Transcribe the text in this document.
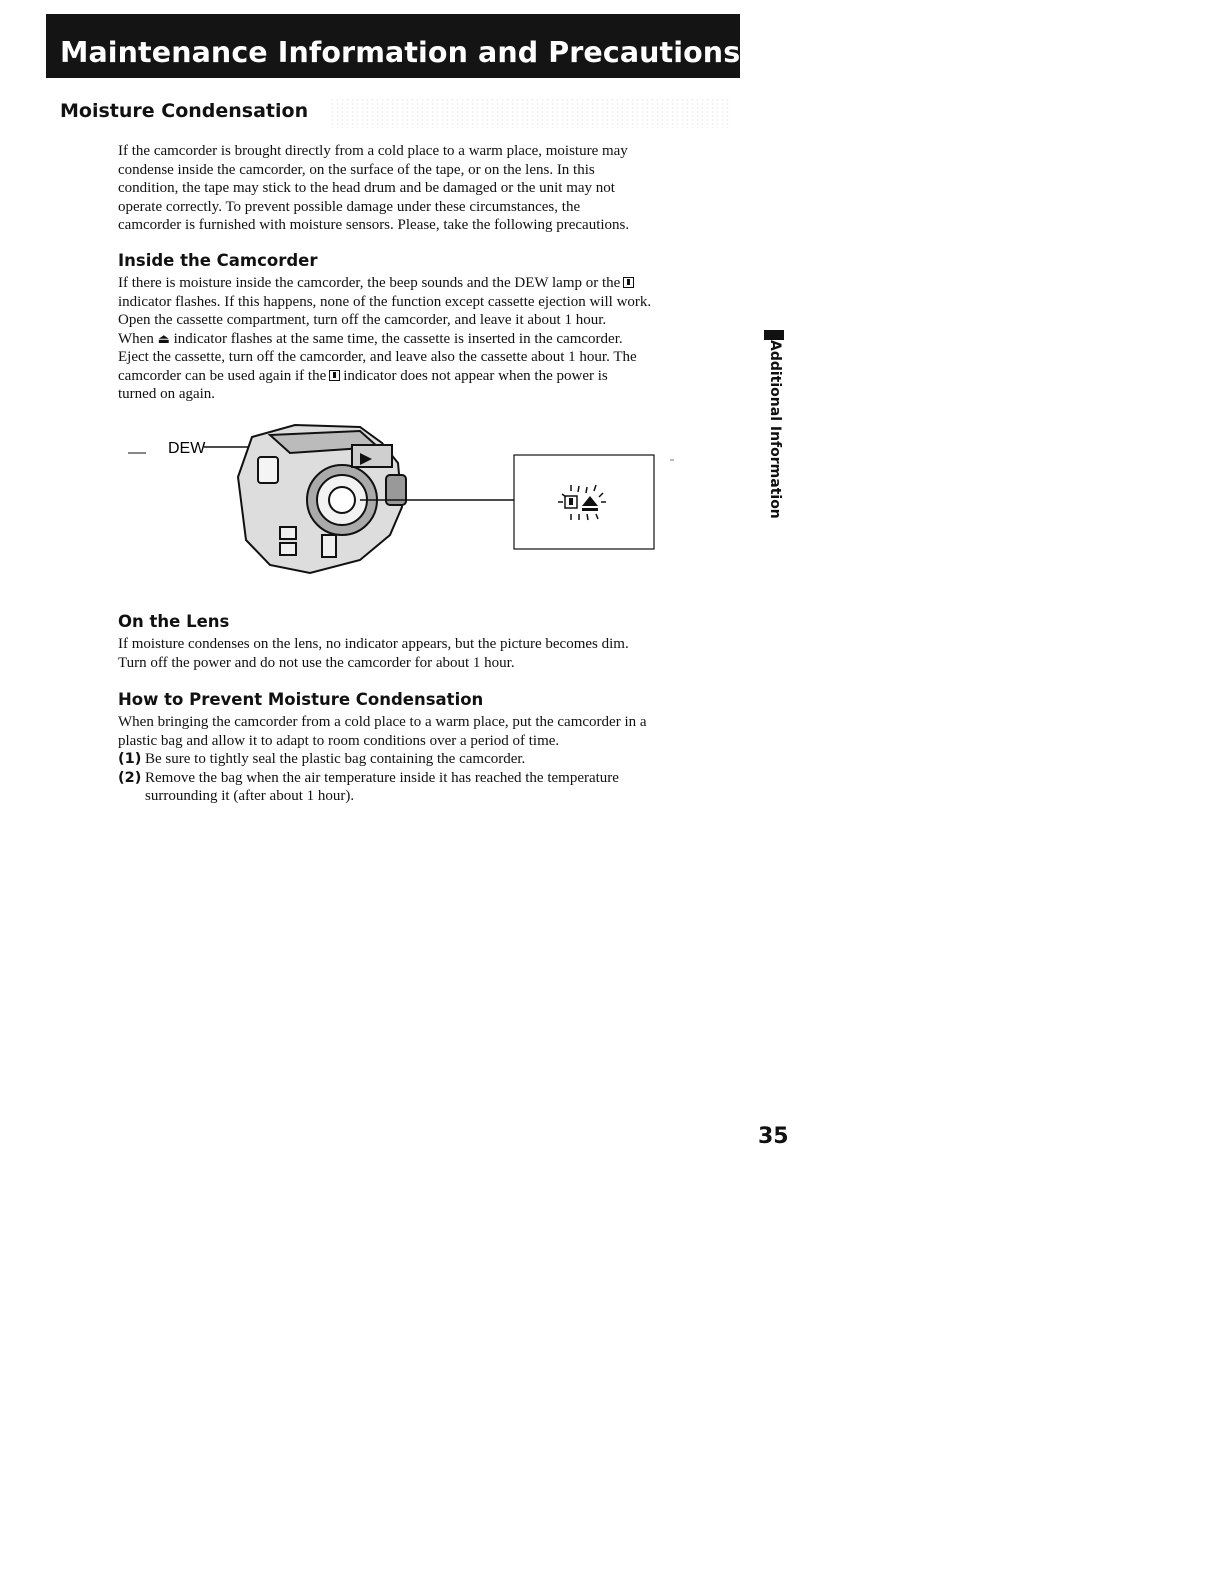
Maintenance Information and Precautions
Moisture Condensation
If the camcorder is brought directly from a cold place to a warm place, moisture may
condense inside the camcorder, on the surface of the tape, or on the lens. In this
condition, the tape may stick to the head drum and be damaged or the unit may not
operate correctly. To prevent possible damage under these circumstances, the
camcorder is furnished with moisture sensors. Please, take the following precautions.
Inside the Camcorder
If there is moisture inside the camcorder, the beep sounds and the DEW lamp or the
indicator flashes. If this happens, none of the function except cassette ejection will work.
Open the cassette compartment, turn off the camcorder, and leave it about 1 hour.
When ⏏ indicator flashes at the same time, the cassette is inserted in the camcorder.
Eject the cassette, turn off the camcorder, and leave also the cassette about 1 hour. The
camcorder can be used again if the indicator does not appear when the power is
turned on again.
DEW
On the Lens
If moisture condenses on the lens, no indicator appears, but the picture becomes dim.
Turn off the power and do not use the camcorder for about 1 hour.
How to Prevent Moisture Condensation
When bringing the camcorder from a cold place to a warm place, put the camcorder in a
plastic bag and allow it to adapt to room conditions over a period of time.
(1) Be sure to tightly seal the plastic bag containing the camcorder.
(2) Remove the bag when the air temperature inside it has reached the temperature
surrounding it (after about 1 hour).
Additional Information
35
